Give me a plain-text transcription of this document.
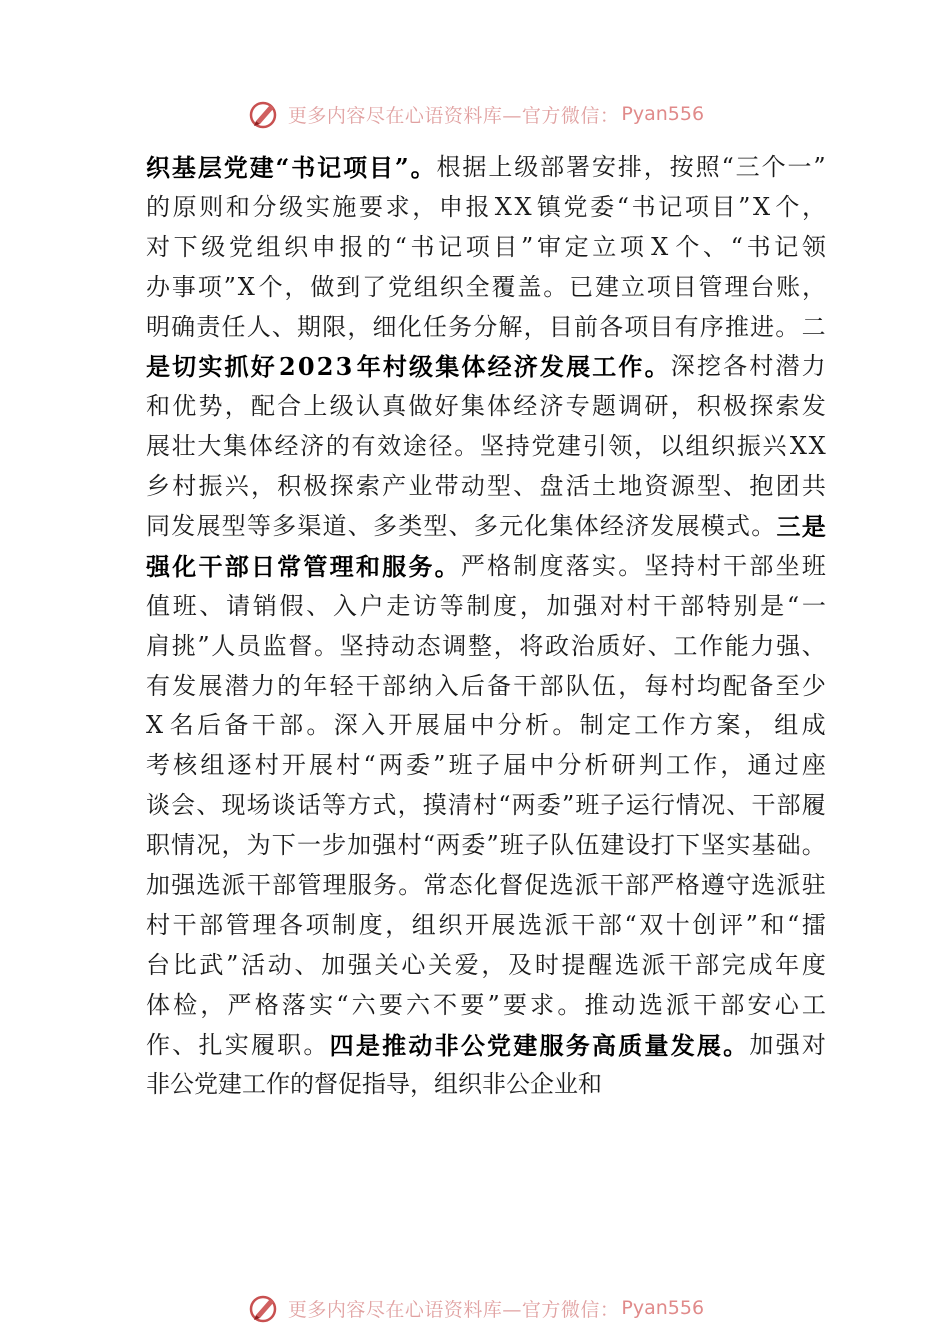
更多内容尽在心语资料库—官方微信： Pyan556
织 基 层 党 建 “ 书 记 项 目 ” 。 根 据 上 级 部 署 安 排 ， 按 照 “ 三 个 一 ”
的 原 则 和 分 级 实 施 要 求 ， 申 报 X X 镇 党 委 “ 书 记 项 目 ” X 个 ，
对 下 级 党 组 织 申 报 的 “ 书 记 项 目 ” 审 定 立 项 X 个 、 “ 书 记 领
办 事 项 ” X 个 ， 做 到 了 党 组 织 全 覆 盖 。 已 建 立 项 目 管 理 台 账 ，
明 确 责 任 人 、 期 限 ， 细 化 任 务 分 解 ， 目 前 各 项 目 有 序 推 进 。 二
是 切 实 抓 好 2 0 2 3 年 村 级 集 体 经 济 发 展 工 作 。 深 挖 各 村 潜 力
和 优 势 ， 配 合 上 级 认 真 做 好 集 体 经 济 专 题 调 研 ， 积 极 探 索 发
展 壮 大 集 体 经 济 的 有 效 途 径 。 坚 持 党 建 引 领 ， 以 组 织 振 兴 X X
乡 村 振 兴 ， 积 极 探 索 产 业 带 动 型 、 盘 活 土 地 资 源 型 、 抱 团 共
同 发 展 型 等 多 渠 道 、 多 类 型 、 多 元 化 集 体 经 济 发 展 模 式 。 三 是
强 化 干 部 日 常 管 理 和 服 务 。 严 格 制 度 落 实 。 坚 持 村 干 部 坐 班
值 班 、 请 销 假 、 入 户 走 访 等 制 度 ， 加 强 对 村 干 部 特 别 是 “ 一
肩 挑 ” 人 员 监 督 。 坚 持 动 态 调 整 ， 将 政 治 质 好 、 工 作 能 力 强 、
有 发 展 潜 力 的 年 轻 干 部 纳 入 后 备 干 部 队 伍 ， 每 村 均 配 备 至 少
X 名 后 备 干 部 。 深 入 开 展 届 中 分 析 。 制 定 工 作 方 案 ， 组 成
考 核 组 逐 村 开 展 村 “ 两 委 ” 班 子 届 中 分 析 研 判 工 作 ， 通 过 座
谈 会 、 现 场 谈 话 等 方 式 ， 摸 清 村 “ 两 委 ” 班 子 运 行 情 况 、 干 部 履
职 情 况 ， 为 下 一 步 加 强 村 “ 两 委 ” 班 子 队 伍 建 设 打 下 坚 实 基 础 。
加 强 选 派 干 部 管 理 服 务 。 常 态 化 督 促 选 派 干 部 严 格 遵 守 选 派 驻
村 干 部 管 理 各 项 制 度 ， 组 织 开 展 选 派 干 部 “ 双 十 创 评 ” 和 “ 擂
台 比 武 ” 活 动 、 加 强 关 心 关 爱 ， 及 时 提 醒 选 派 干 部 完 成 年 度
体 检 ， 严 格 落 实 “ 六 要 六 不 要 ” 要 求 。 推 动 选 派 干 部 安 心 工
作 、 扎 实 履 职 。 四 是 推 动 非 公 党 建 服 务 高 质 量 发 展 。 加 强 对
非 公 党 建 工 作 的 督 促 指 导 ， 组 织 非 公 企 业 和
更多内容尽在心语资料库—官方微信： Pyan556
